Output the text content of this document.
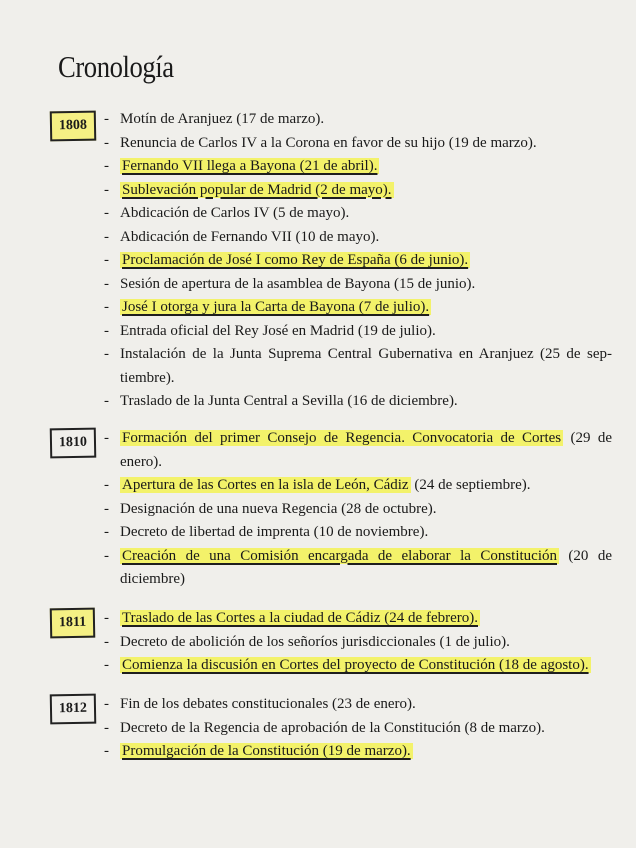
Cronología
1808	- Motín de Aranjuez (17 de marzo).
- Renuncia de Carlos IV a la Corona en favor de su hijo (19 de marzo).
- Fernando VII llega a Bayona (21 de abril).
- Sublevación popular de Madrid (2 de mayo).
- Abdicación de Carlos IV (5 de mayo).
- Abdicación de Fernando VII (10 de mayo).
- Proclamación de José I como Rey de España (6 de junio).
- Sesión de apertura de la asamblea de Bayona (15 de junio).
- José I otorga y jura la Carta de Bayona (7 de julio).
- Entrada oficial del Rey José en Madrid (19 de julio).
- Instalación de la Junta Suprema Central Gubernativa en Aranjuez (25 de sep- tiembre).
- Traslado de la Junta Central a Sevilla (16 de diciembre).
1810	- Formación del primer Consejo de Regencia. Convocatoria de Cortes (29 de enero).
- Apertura de las Cortes en la isla de León, Cádiz (24 de septiembre).
- Designación de una nueva Regencia (28 de octubre).
- Decreto de libertad de imprenta (10 de noviembre).
- Creación de una Comisión encargada de elaborar la Constitución (20 de diciembre)
1811	- Traslado de las Cortes a la ciudad de Cádiz (24 de febrero).
- Decreto de abolición de los señoríos jurisdiccionales (1 de julio).
- Comienza la discusión en Cortes del proyecto de Constitución (18 de agosto).
1812	- Fin de los debates constitucionales (23 de enero).
- Decreto de la Regencia de aprobación de la Constitución (8 de marzo).
- Promulgación de la Constitución (19 de marzo).
